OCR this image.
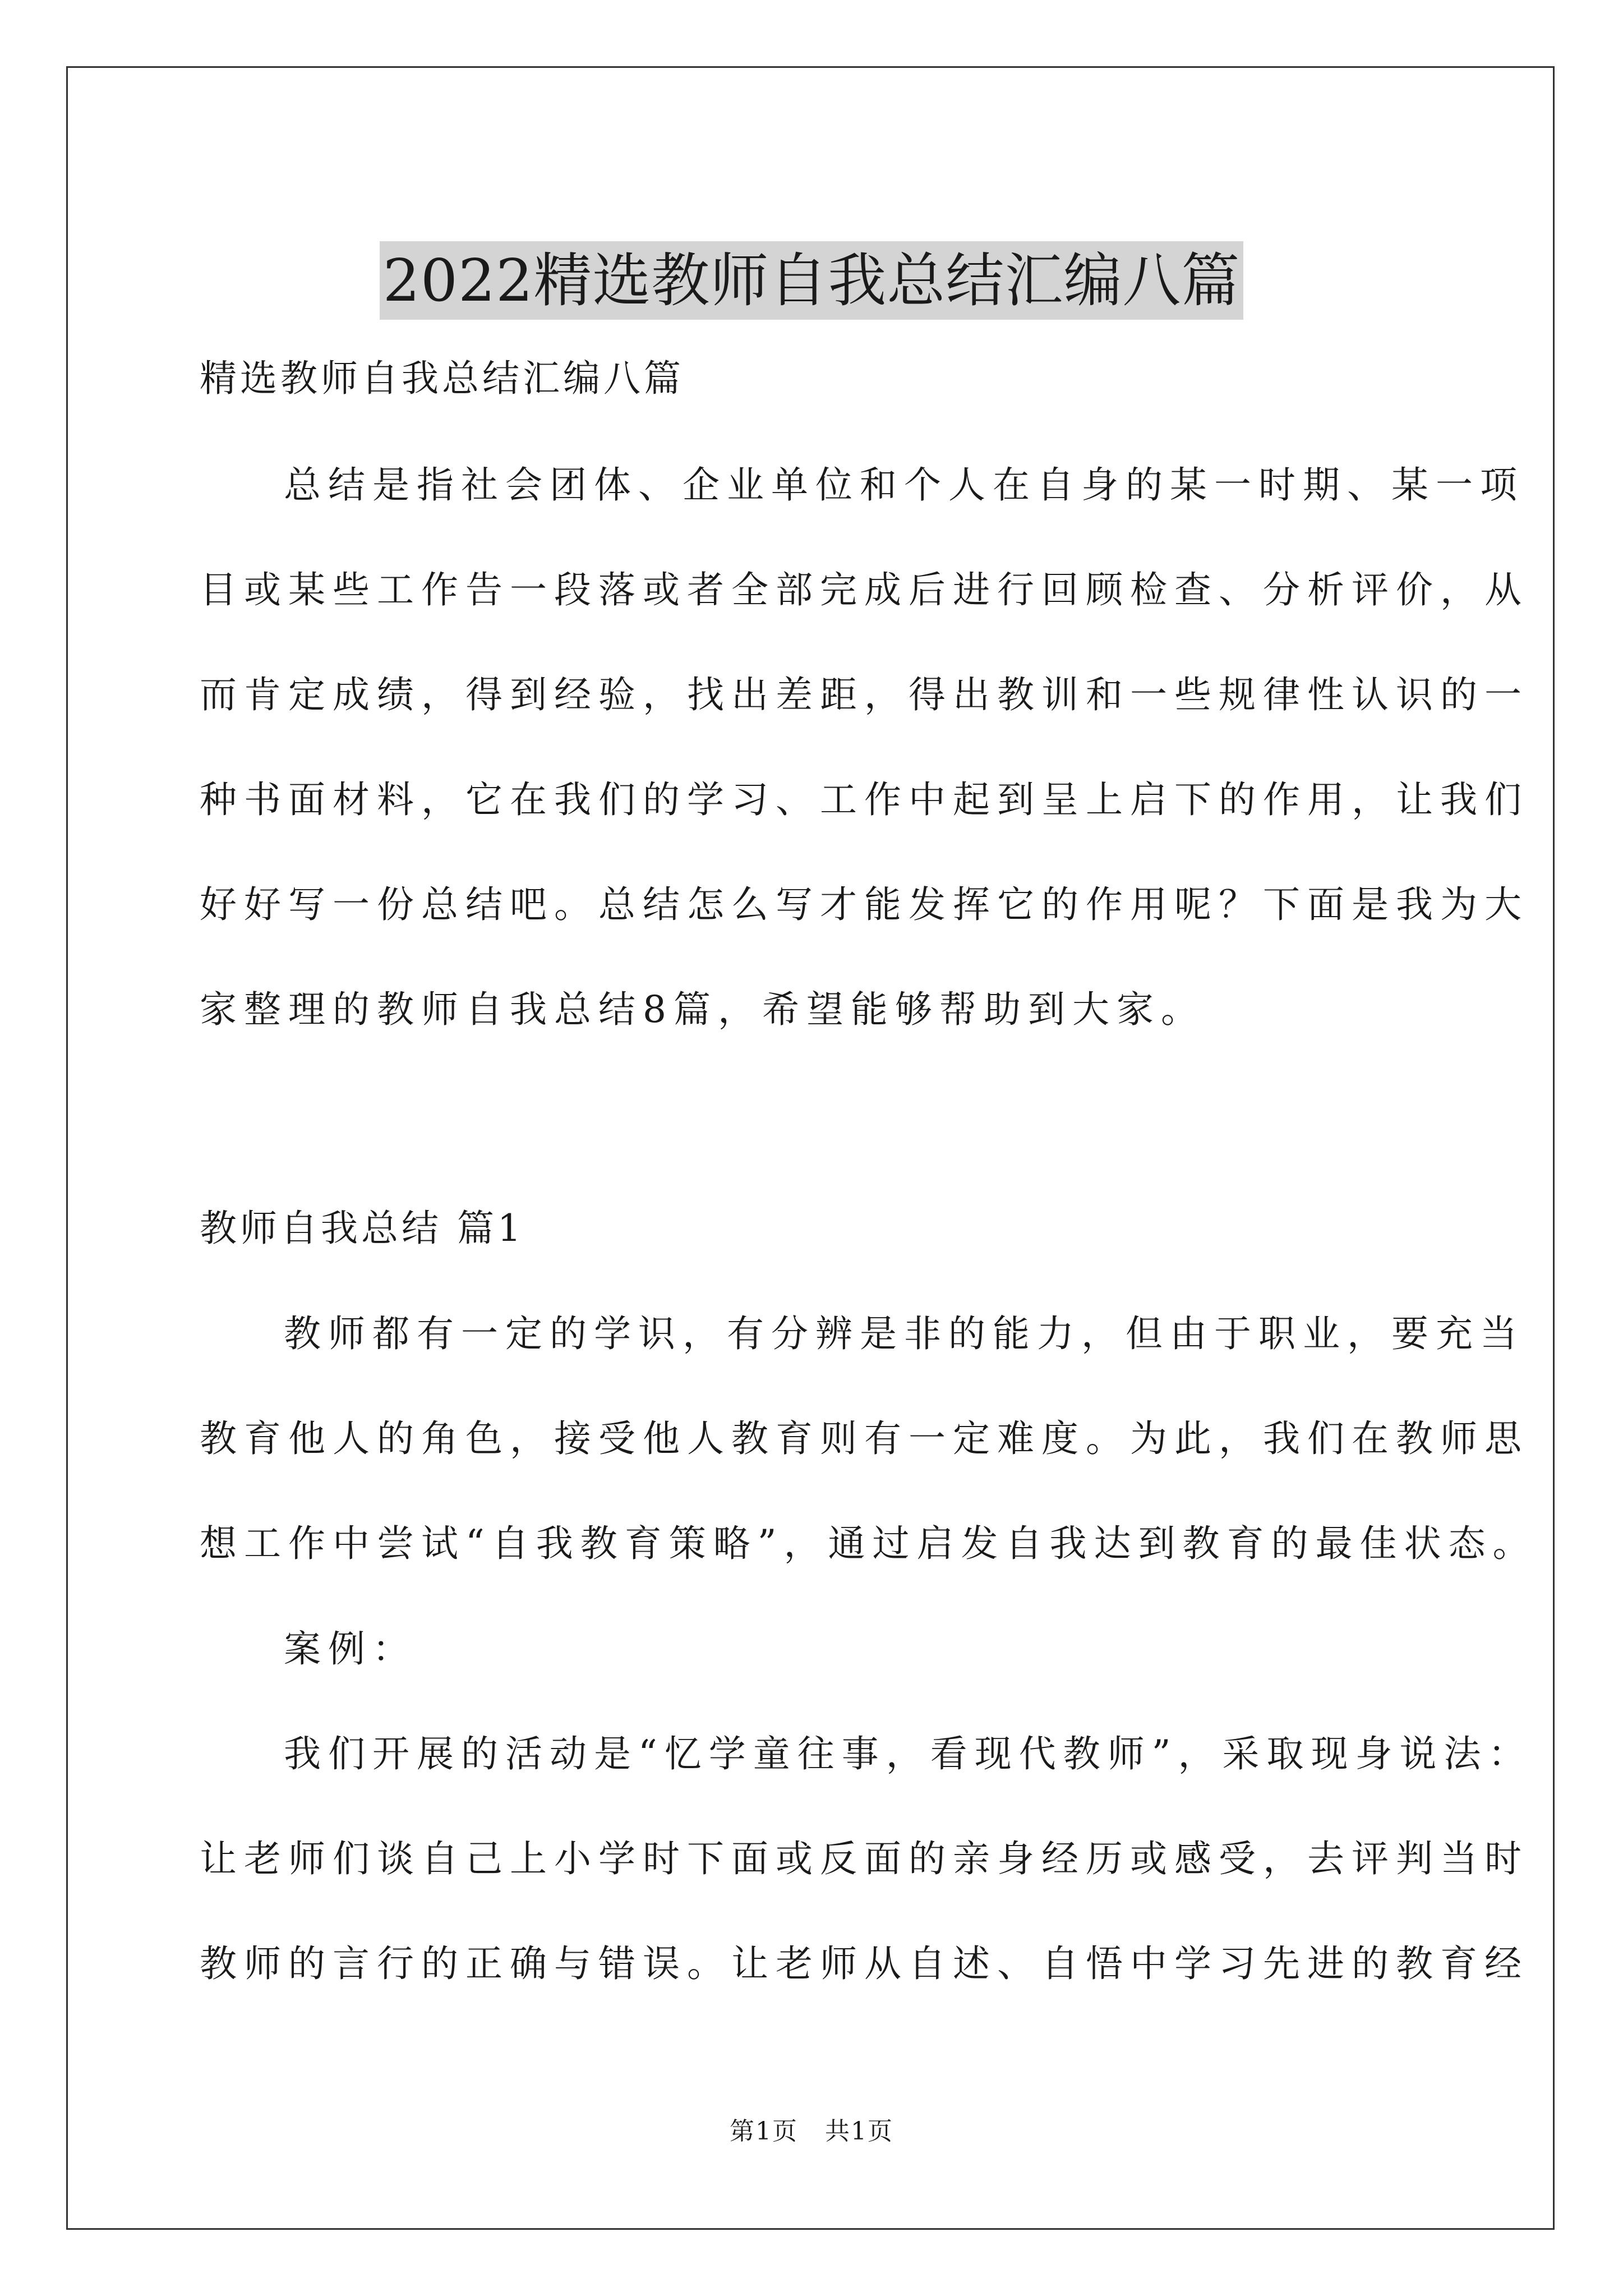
2022精选教师自我总结汇编八篇
精选教师自我总结汇编八篇
总结是指社会团体、企业单位和个人在自身的某一时期、某一项
目或某些工作告一段落或者全部完成后进行回顾检查、分析评价，从
而肯定成绩，得到经验，找出差距，得出教训和一些规律性认识的一
种书面材料，它在我们的学习、工作中起到呈上启下的作用，让我们
好好写一份总结吧。总结怎么写才能发挥它的作用呢？下面是我为大
家整理的教师自我总结8篇，希望能够帮助到大家。
教师自我总结 篇1
教师都有一定的学识，有分辨是非的能力，但由于职业，要充当
教育他人的角色，接受他人教育则有一定难度。为此，我们在教师思
想工作中尝试“自我教育策略”，通过启发自我达到教育的最佳状态。
案例：
我们开展的活动是“忆学童往事，看现代教师”，采取现身说法：
让老师们谈自己上小学时下面或反面的亲身经历或感受，去评判当时
教师的言行的正确与错误。让老师从自述、自悟中学习先进的教育经
第1页 共1页
